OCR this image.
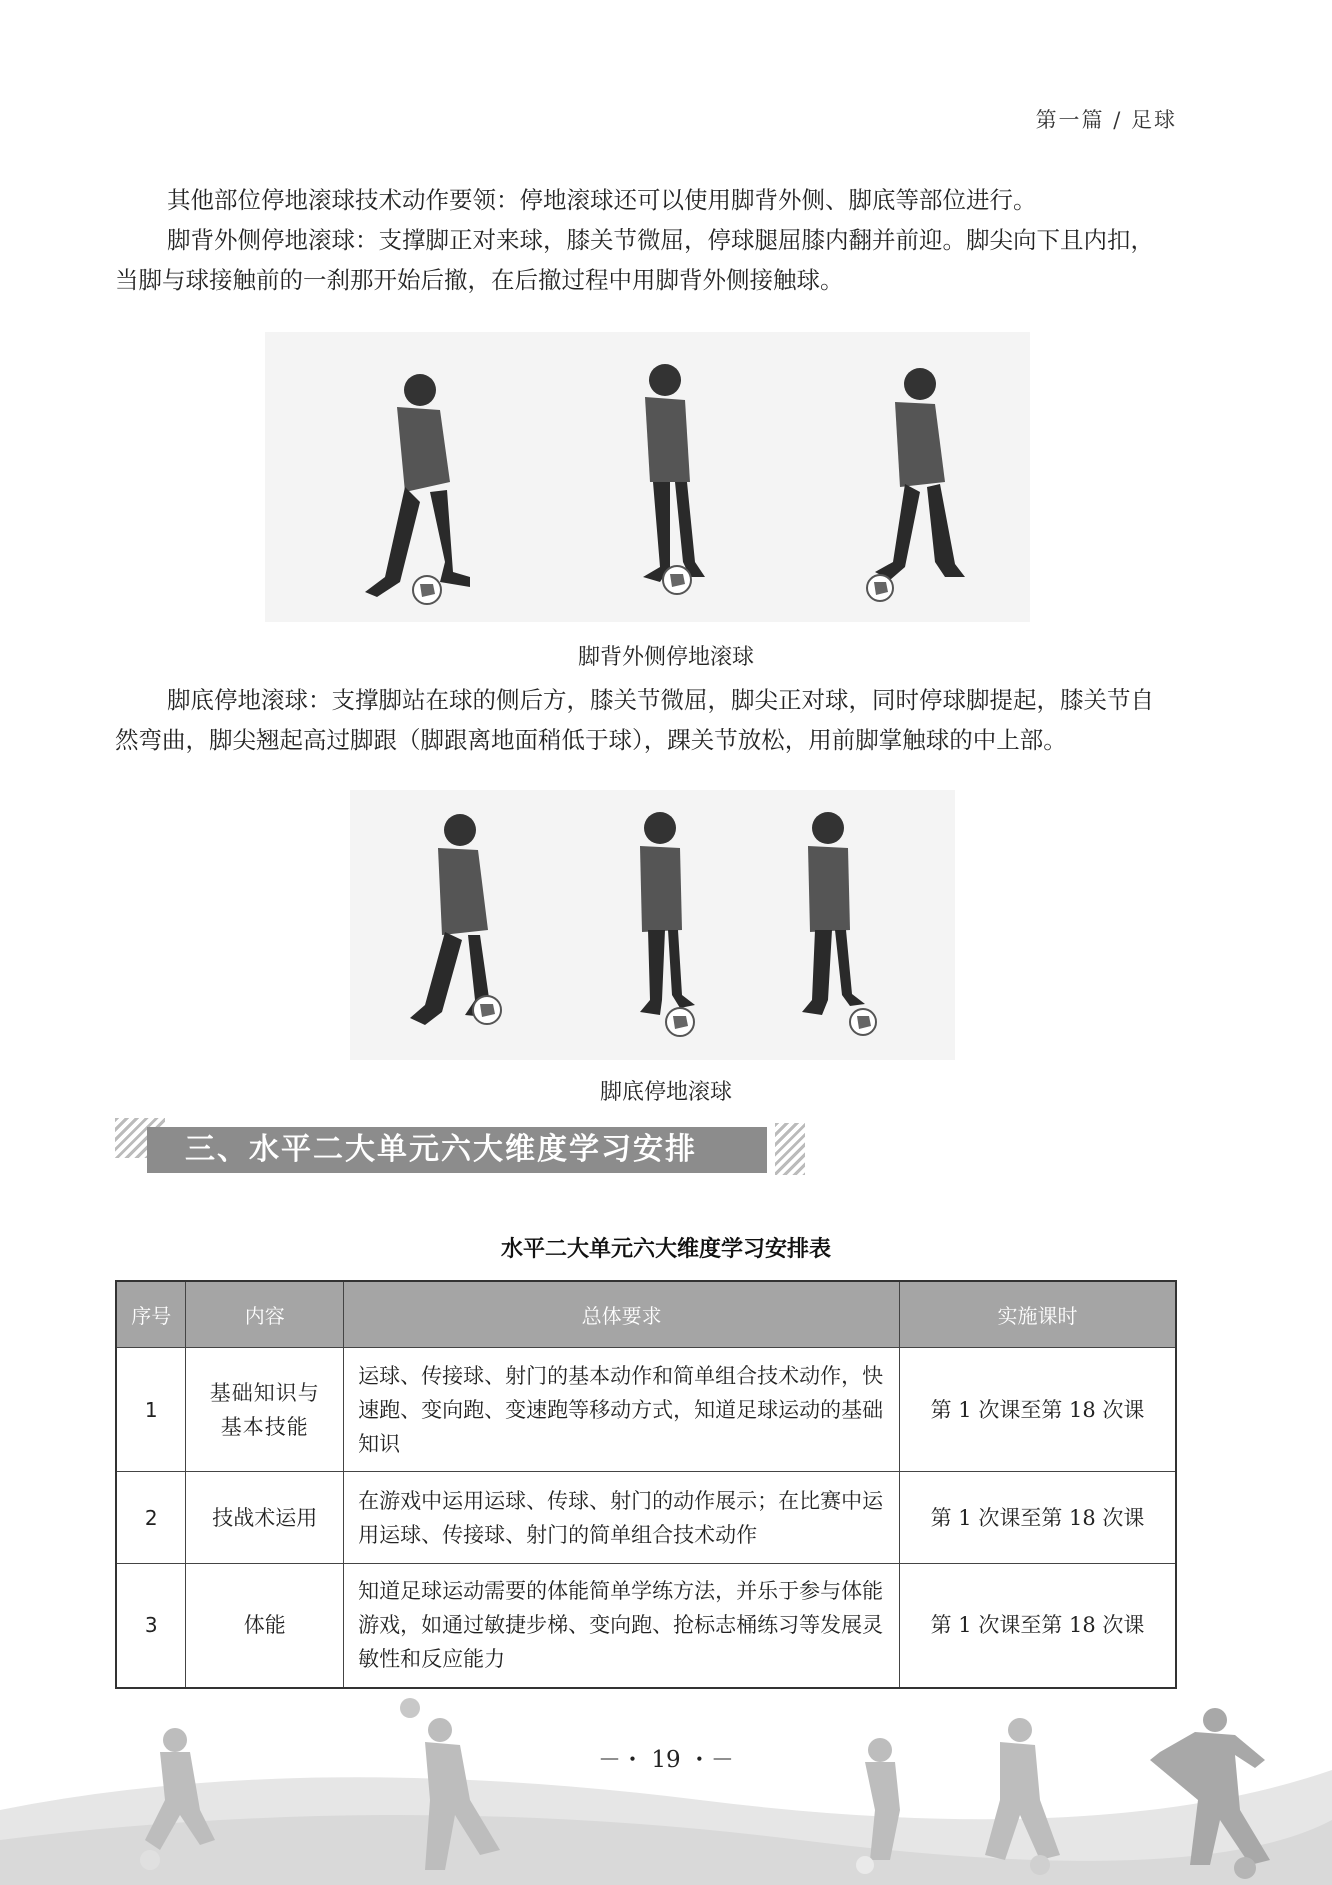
第一篇 / 足球

其他部位停地滚球技术动作要领：停地滚球还可以使用脚背外侧、脚底等部位进行。

脚背外侧停地滚球：支撑脚正对来球，膝关节微屈，停球腿屈膝内翻并前迎。脚尖向下且内扣，当脚与球接触前的一刹那开始后撤，在后撤过程中用脚背外侧接触球。

脚背外侧停地滚球

脚底停地滚球：支撑脚站在球的侧后方，膝关节微屈，脚尖正对球，同时停球脚提起，膝关节自然弯曲，脚尖翘起高过脚跟（脚跟离地面稍低于球），踝关节放松，用前脚掌触球的中上部。

脚底停地滚球
三、水平二大单元六大维度学习安排
水平二大单元六大维度学习安排表
序号	内容	总体要求	实施课时
1	基础知识与基本技能	运球、传接球、射门的基本动作和简单组合技术动作，快速跑、变向跑、变速跑等移动方式，知道足球运动的基础知识	第 1 次课至第 18 次课
2	技战术运用	在游戏中运用运球、传球、射门的动作展示；在比赛中运用运球、传接球、射门的简单组合技术动作	第 1 次课至第 18 次课
3	体能	知道足球运动需要的体能简单学练方法，并乐于参与体能游戏，如通过敏捷步梯、变向跑、抢标志桶练习等发展灵敏性和反应能力	第 1 次课至第 18 次课
－・ 19 ・－
